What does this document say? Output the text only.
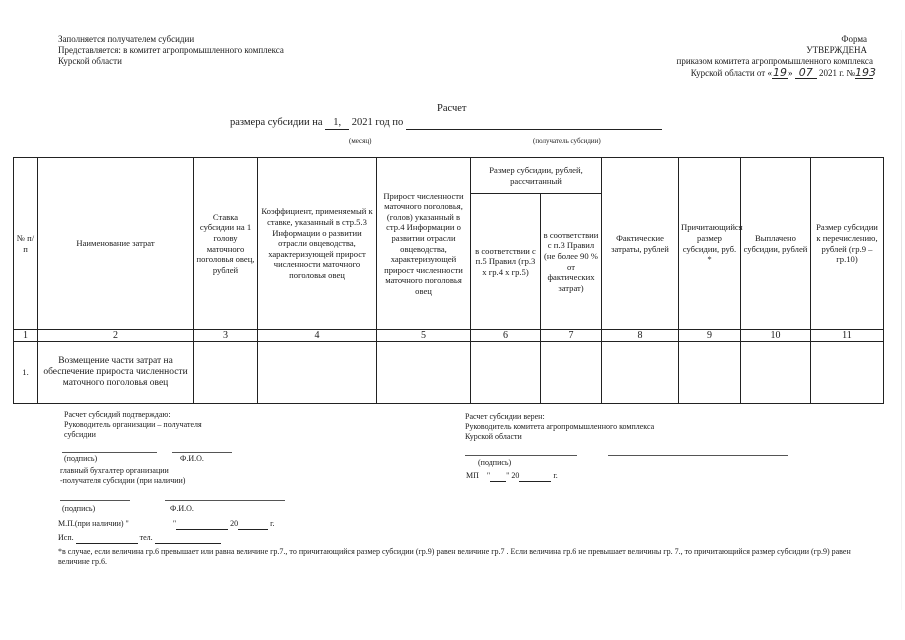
Заполняется получателем субсидии
Представляется: в комитет агропромышленного комплекса
Курской области
Форма
УТВЕРЖДЕНА
приказом комитета агропромышленного комплекса
Курской области от «19» 07 2021 г. №193
Расчет
размера субсидии на 1, 2021 год по
(месяц)	(получатель субсидии)
№ п/п	Наименование затрат	Ставка субсидии на 1 голову маточного поголовья овец, рублей	Коэффициент, применяемый к ставке, указанный в стр.5.3 Информации о развитии отрасли овцеводства, характеризующей прирост численности маточного поголовья овец	Прирост численности маточного поголовья, (голов) указанный в стр.4 Информации о развитии отрасли овцеводства, характеризующей прирост численности маточного поголовья овец	Размер субсидии, рублей, рассчитанный		Фактические затраты, рублей	Причитающийся размер субсидии, руб. *	Выплачено субсидии, рублей	Размер субсидии к перечислению, рублей (гр.9 – гр.10)
					в соответствии с п.5 Правил (гр.3 х гр.4 х гр.5)	в соответствии с п.3 Правил (не более 90 % от фактических затрат)				
1	2	3	4	5	6	7	8	9	10	11
1.	Возмещение части затрат на обеспечение прироста численности маточного поголовья овец									
Расчет субсидий подтверждаю:
Руководитель организации – получателя
субсидии
(подпись)	Ф.И.О.
главный бухгалтер организации
-получателя субсидии (при наличии)
(подпись)	Ф.И.О.
М.П.(при наличии) "	"	20	г.
Исп.	тел.
Расчет субсидии верен:
Руководитель комитета агропромышленного комплекса
Курской области
(подпись)
МП " " 20	г.
*в случае, если величина гр.6 превышает или равна величине гр.7., то причитающийся размер субсидии (гр.9) равен величине гр.7 . Если величина гр.6 не превышает величины гр. 7., то причитающийся размер субсидии (гр.9) равен величине гр.6.
